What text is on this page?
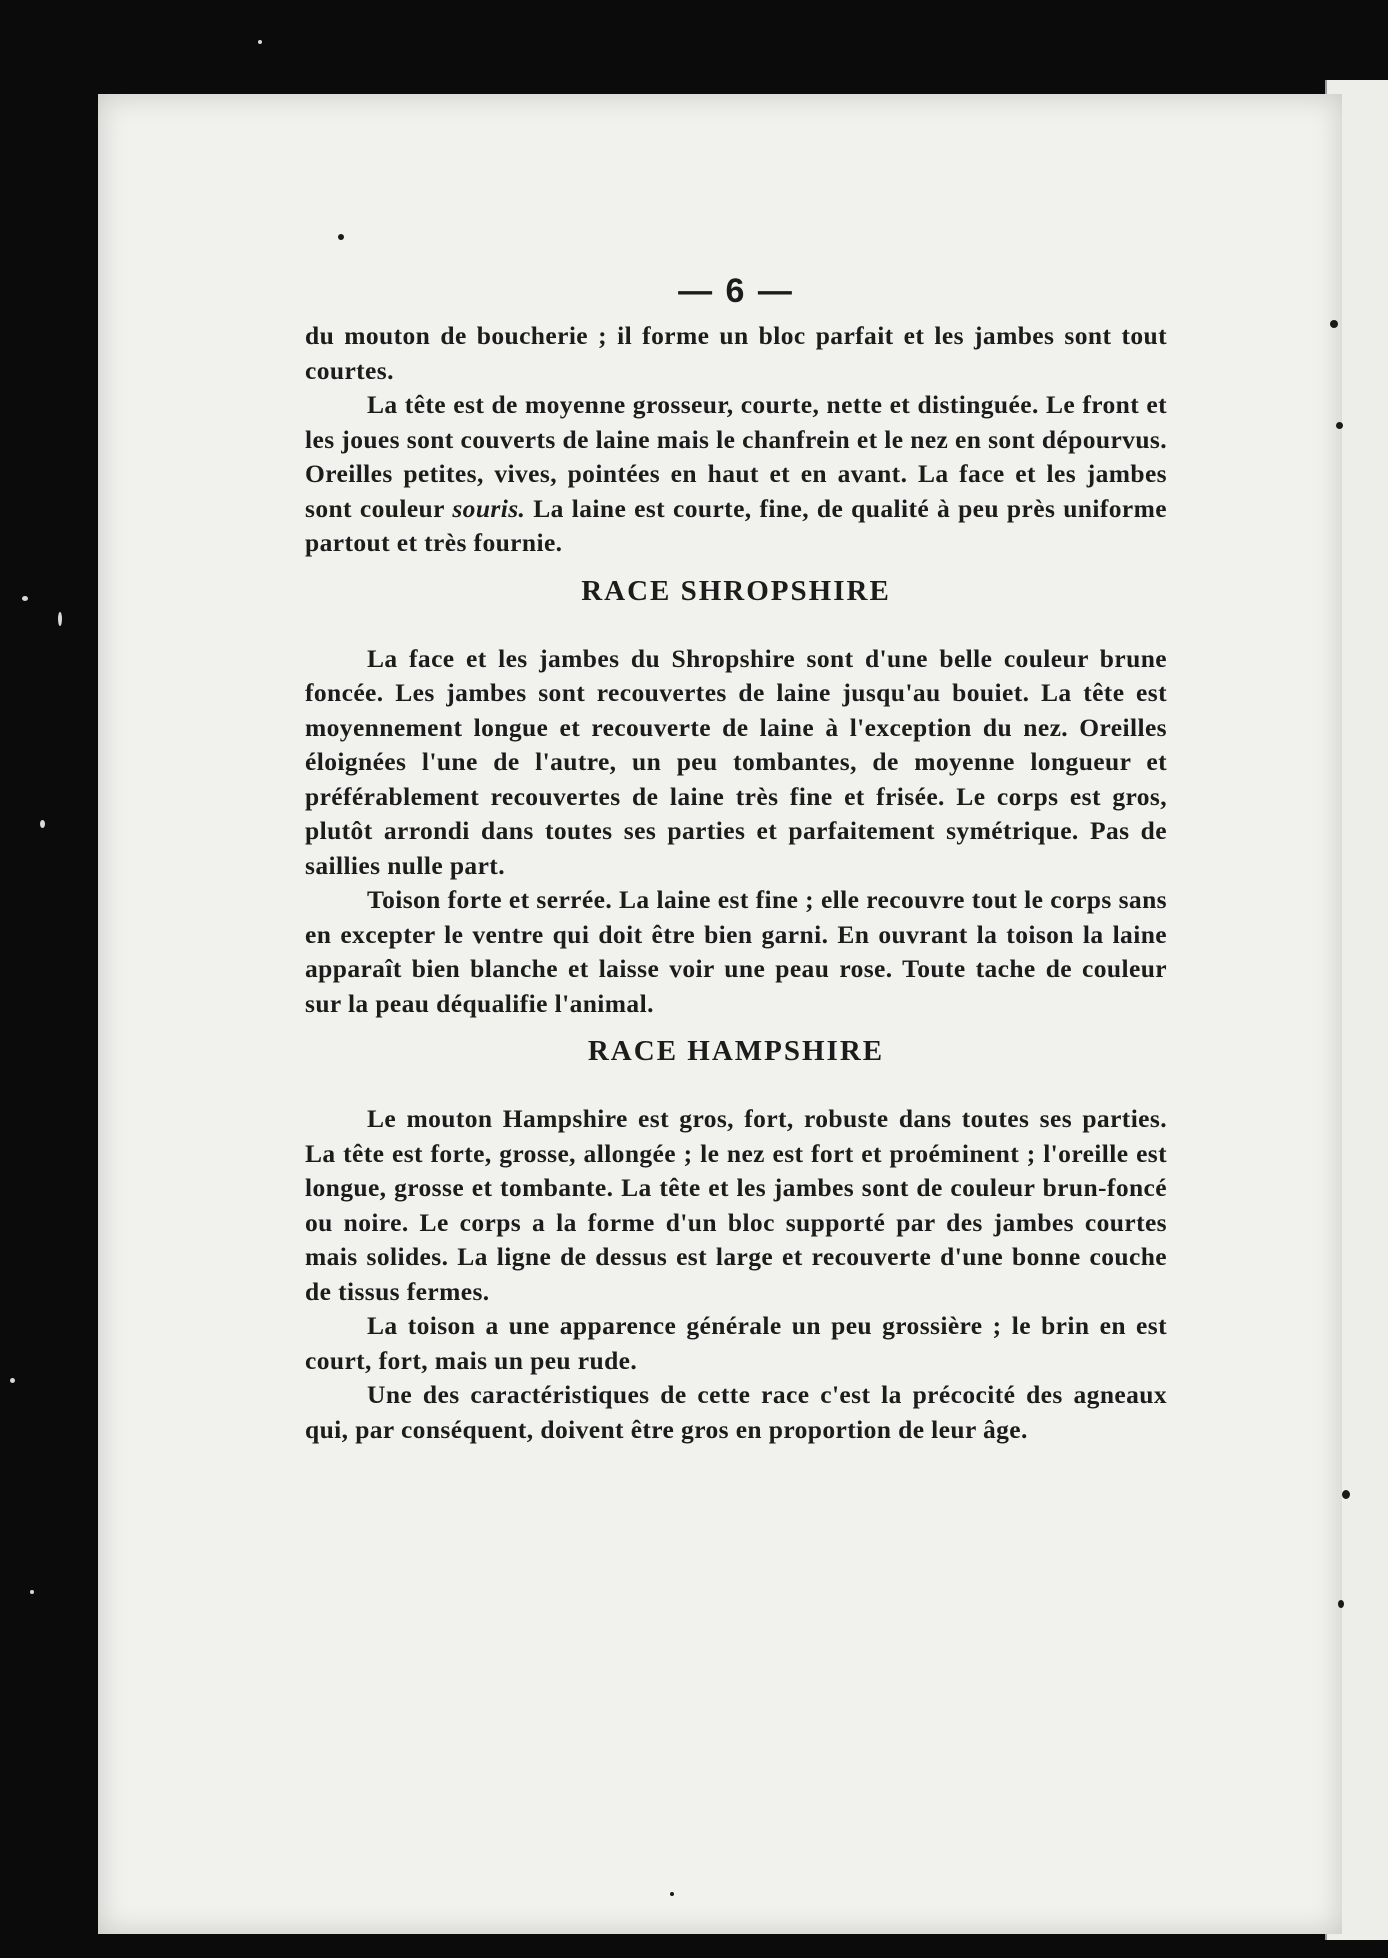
— 6 —

du mouton de boucherie ; il forme un bloc parfait et les jambes sont tout courtes.

La tête est de moyenne grosseur, courte, nette et distinguée. Le front et les joues sont couverts de laine mais le chanfrein et le nez en sont dépourvus. Oreilles petites, vives, pointées en haut et en avant. La face et les jambes sont couleur souris. La laine est courte, fine, de qualité à peu près uniforme partout et très fournie.

RACE SHROPSHIRE

La face et les jambes du Shropshire sont d'une belle couleur brune foncée. Les jambes sont recouvertes de laine jusqu'au bouiet. La tête est moyennement longue et recouverte de laine à l'exception du nez. Oreilles éloignées l'une de l'autre, un peu tombantes, de moyenne longueur et préférablement recouvertes de laine très fine et frisée. Le corps est gros, plutôt arrondi dans toutes ses parties et parfaitement symétrique. Pas de saillies nulle part.

Toison forte et serrée. La laine est fine ; elle recouvre tout le corps sans en excepter le ventre qui doit être bien garni. En ouvrant la toison la laine apparaît bien blanche et laisse voir une peau rose. Toute tache de couleur sur la peau déqualifie l'animal.

RACE HAMPSHIRE

Le mouton Hampshire est gros, fort, robuste dans toutes ses parties. La tête est forte, grosse, allongée ; le nez est fort et proéminent ; l'oreille est longue, grosse et tombante. La tête et les jambes sont de couleur brun-foncé ou noire. Le corps a la forme d'un bloc supporté par des jambes courtes mais solides. La ligne de dessus est large et recouverte d'une bonne couche de tissus fermes.

La toison a une apparence générale un peu grossière ; le brin en est court, fort, mais un peu rude.

Une des caractéristiques de cette race c'est la précocité des agneaux qui, par conséquent, doivent être gros en proportion de leur âge.
